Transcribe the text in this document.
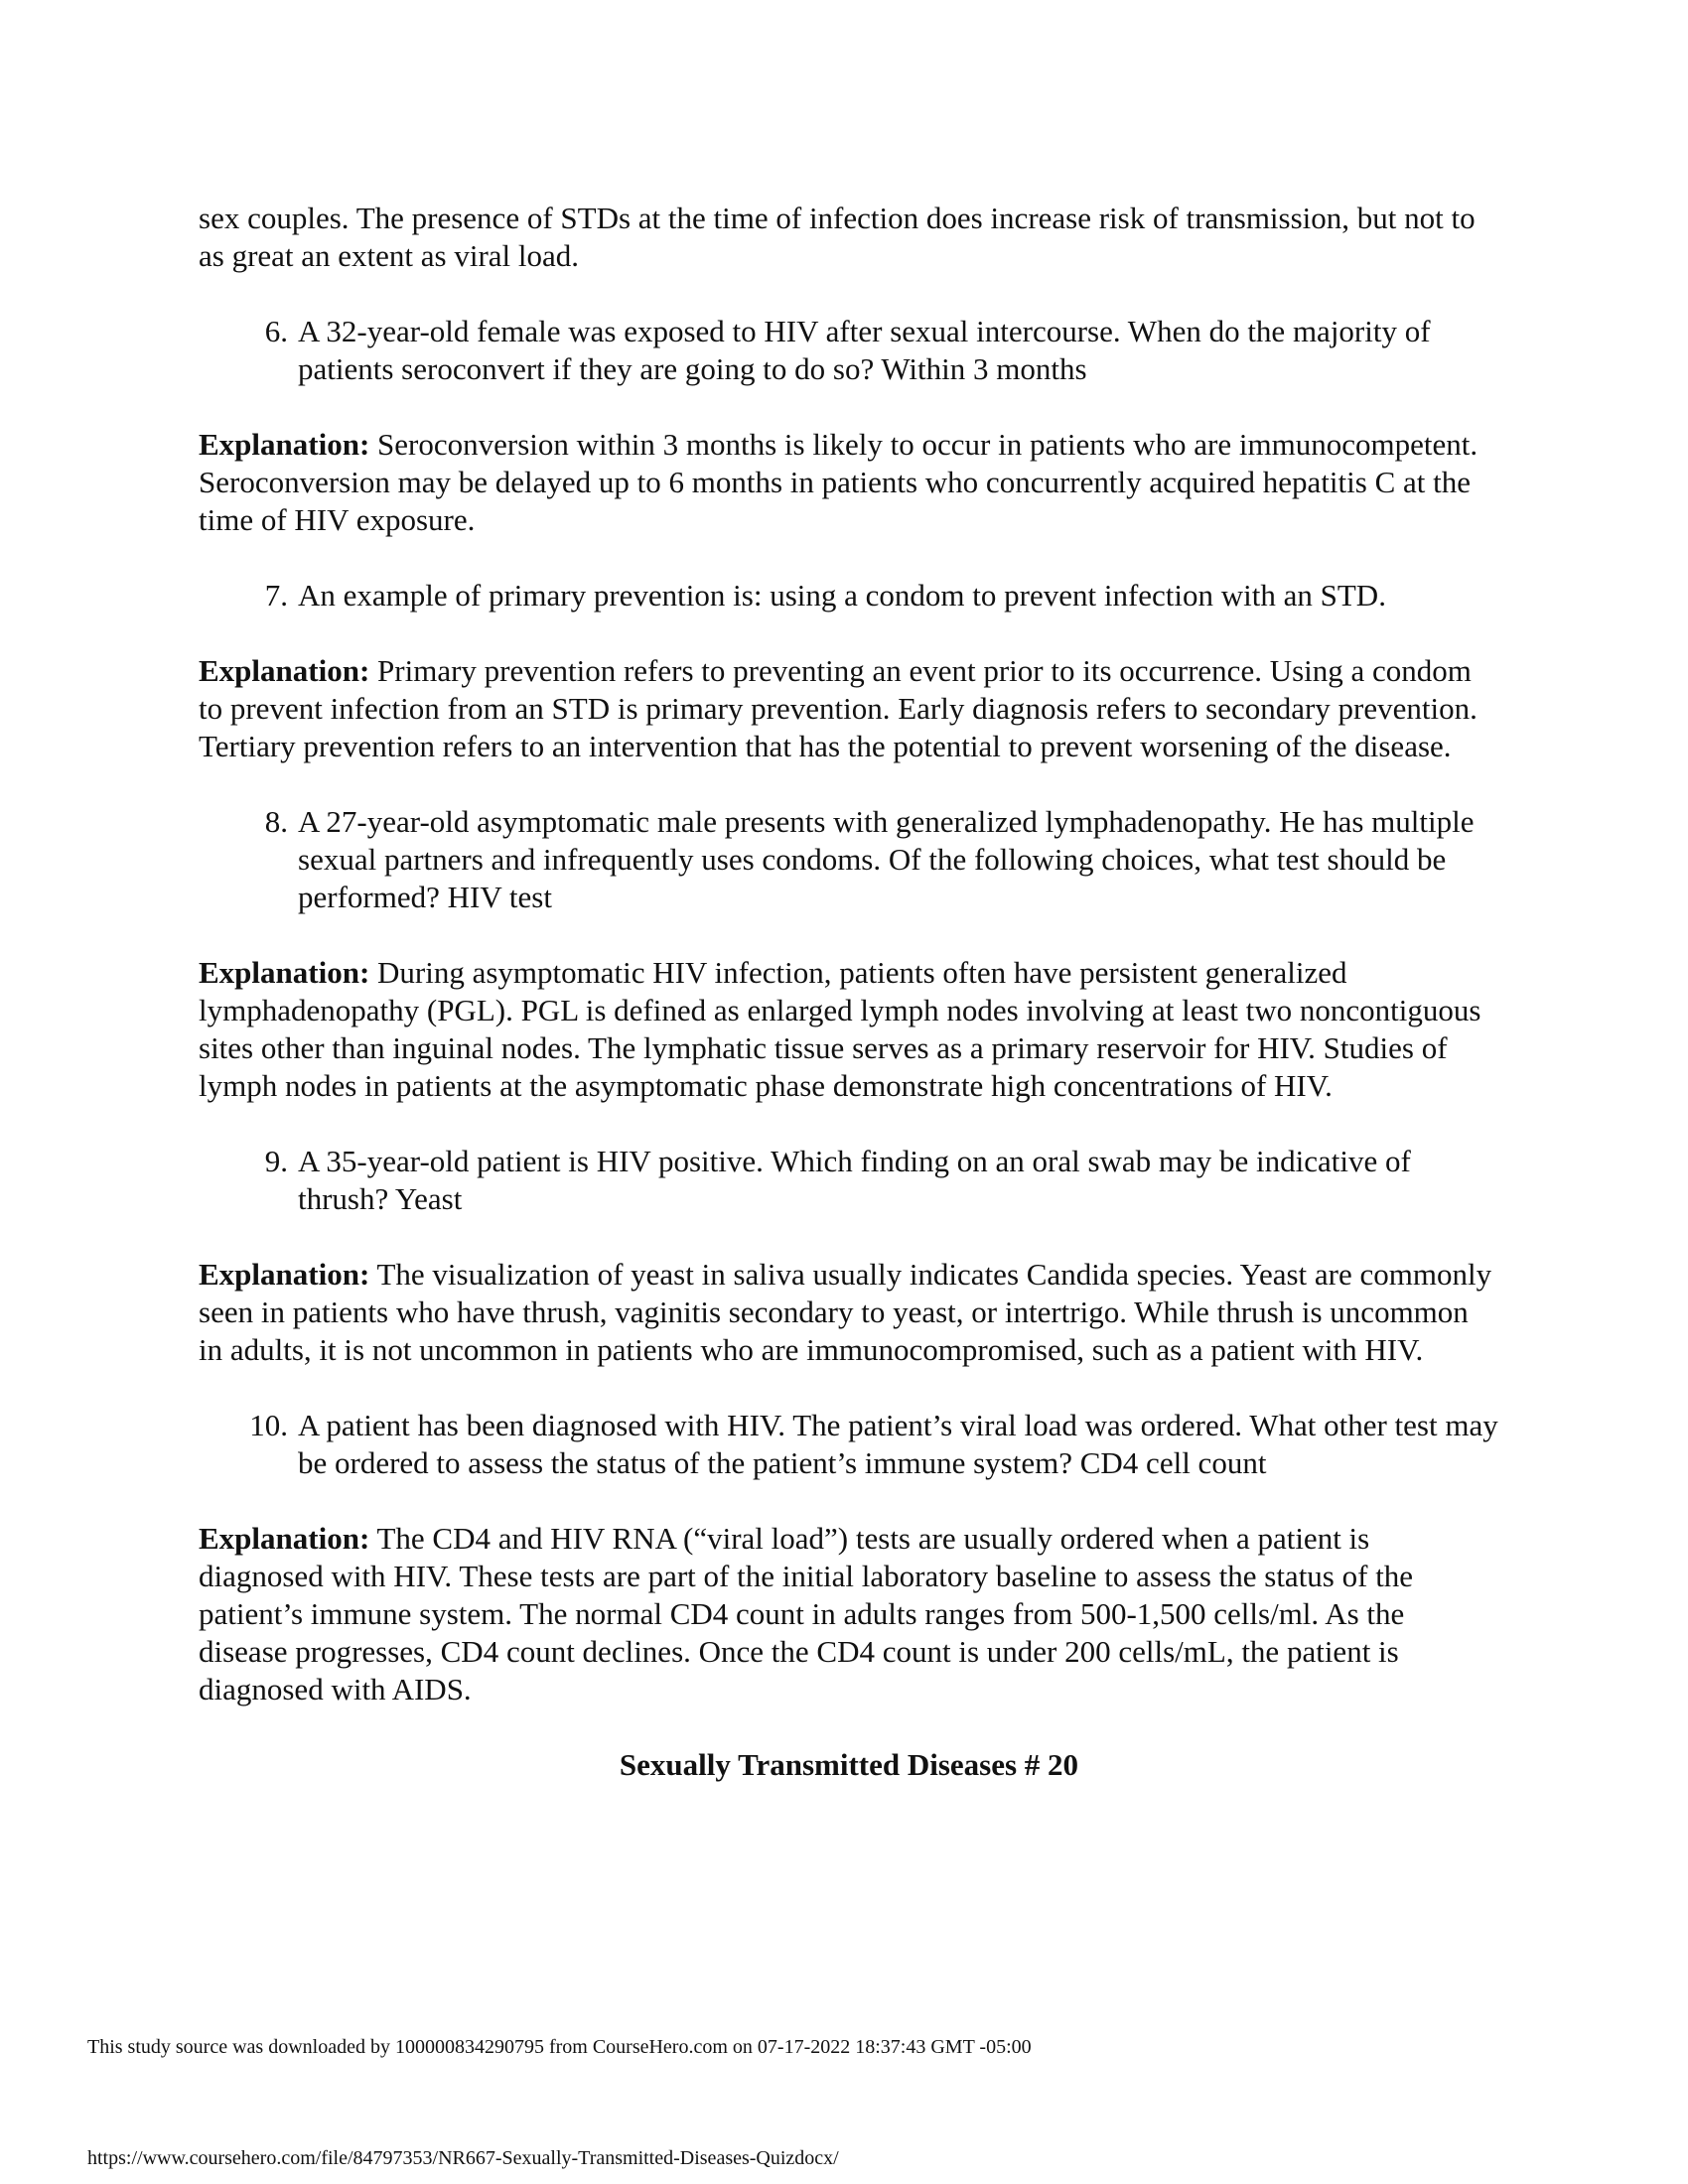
sex couples. The presence of STDs at the time of infection does increase risk of transmission, but not to as great an extent as viral load.

6. A 32-year-old female was exposed to HIV after sexual intercourse. When do the majority of patients seroconvert if they are going to do so? Within 3 months

Explanation: Seroconversion within 3 months is likely to occur in patients who are immunocompetent. Seroconversion may be delayed up to 6 months in patients who concurrently acquired hepatitis C at the time of HIV exposure.

7. An example of primary prevention is: using a condom to prevent infection with an STD.

Explanation: Primary prevention refers to preventing an event prior to its occurrence. Using a condom to prevent infection from an STD is primary prevention. Early diagnosis refers to secondary prevention. Tertiary prevention refers to an intervention that has the potential to prevent worsening of the disease.

8. A 27-year-old asymptomatic male presents with generalized lymphadenopathy. He has multiple sexual partners and infrequently uses condoms. Of the following choices, what test should be performed? HIV test

Explanation: During asymptomatic HIV infection, patients often have persistent generalized lymphadenopathy (PGL). PGL is defined as enlarged lymph nodes involving at least two noncontiguous sites other than inguinal nodes. The lymphatic tissue serves as a primary reservoir for HIV. Studies of lymph nodes in patients at the asymptomatic phase demonstrate high concentrations of HIV.

9. A 35-year-old patient is HIV positive. Which finding on an oral swab may be indicative of thrush? Yeast

Explanation: The visualization of yeast in saliva usually indicates Candida species. Yeast are commonly seen in patients who have thrush, vaginitis secondary to yeast, or intertrigo. While thrush is uncommon in adults, it is not uncommon in patients who are immunocompromised, such as a patient with HIV.

10. A patient has been diagnosed with HIV. The patient’s viral load was ordered. What other test may be ordered to assess the status of the patient’s immune system? CD4 cell count

Explanation: The CD4 and HIV RNA (“viral load”) tests are usually ordered when a patient is diagnosed with HIV. These tests are part of the initial laboratory baseline to assess the status of the patient’s immune system. The normal CD4 count in adults ranges from 500-1,500 cells/ml. As the disease progresses, CD4 count declines. Once the CD4 count is under 200 cells/mL, the patient is diagnosed with AIDS.

Sexually Transmitted Diseases # 20

This study source was downloaded by 100000834290795 from CourseHero.com on 07-17-2022 18:37:43 GMT -05:00
https://www.coursehero.com/file/84797353/NR667-Sexually-Transmitted-Diseases-Quizdocx/
